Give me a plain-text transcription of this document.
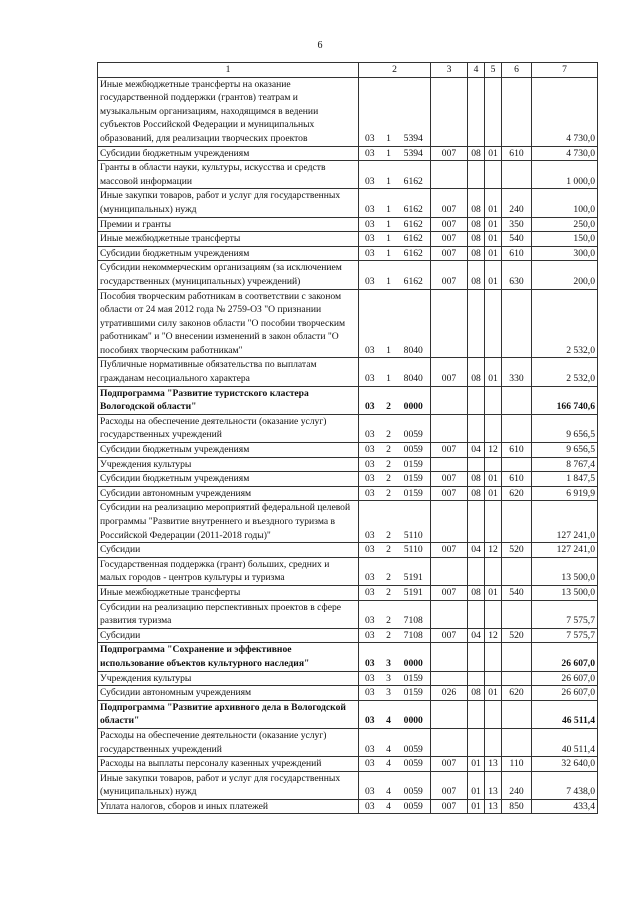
6
1	2			3	4	5	6	7
Иные межбюджетные трансферты на оказание государственной поддержки (грантов) театрам и музыкальным организациям, находящимся в ведении субъектов Российской Федерации и муниципальных образований, для реализации творческих проектов	03	1	5394					4 730,0
Субсидии бюджетным учреждениям	03	1	5394	007	08	01	610	4 730,0
Гранты в области науки, культуры, искусства и средств массовой информации	03	1	6162					1 000,0
Иные закупки товаров, работ и услуг для государственных (муниципальных) нужд	03	1	6162	007	08	01	240	100,0
Премии и гранты	03	1	6162	007	08	01	350	250,0
Иные межбюджетные трансферты	03	1	6162	007	08	01	540	150,0
Субсидии бюджетным учреждениям	03	1	6162	007	08	01	610	300,0
Субсидии некоммерческим организациям (за исключением государственных (муниципальных) учреждений)	03	1	6162	007	08	01	630	200,0
Пособия творческим работникам в соответствии с законом области от 24 мая 2012 года № 2759-ОЗ "О признании утратившими силу законов области "О пособии творческим работникам" и "О внесении изменений в закон области "О пособиях творческим работникам"	03	1	8040					2 532,0
Публичные нормативные обязательства по выплатам гражданам несоциального характера	03	1	8040	007	08	01	330	2 532,0
Подпрограмма "Развитие туристского кластера Вологодской области"	03	2	0000					166 740,6
Расходы на обеспечение деятельности (оказание услуг) государственных учреждений	03	2	0059					9 656,5
Субсидии бюджетным учреждениям	03	2	0059	007	04	12	610	9 656,5
Учреждения культуры	03	2	0159					8 767,4
Субсидии бюджетным учреждениям	03	2	0159	007	08	01	610	1 847,5
Субсидии автономным учреждениям	03	2	0159	007	08	01	620	6 919,9
Субсидии на реализацию мероприятий федеральной целевой программы "Развитие внутреннего и въездного туризма в Российской Федерации (2011-2018 годы)"	03	2	5110					127 241,0
Субсидии	03	2	5110	007	04	12	520	127 241,0
Государственная поддержка (грант) больших, средних и малых городов - центров культуры и туризма	03	2	5191					13 500,0
Иные межбюджетные трансферты	03	2	5191	007	08	01	540	13 500,0
Субсидии на реализацию перспективных проектов в сфере развития туризма	03	2	7108					7 575,7
Субсидии	03	2	7108	007	04	12	520	7 575,7
Подпрограмма "Сохранение и эффективное использование объектов культурного наследия"	03	3	0000					26 607,0
Учреждения культуры	03	3	0159					26 607,0
Субсидии автономным учреждениям	03	3	0159	026	08	01	620	26 607,0
Подпрограмма "Развитие архивного дела в Вологодской области"	03	4	0000					46 511,4
Расходы на обеспечение деятельности (оказание услуг) государственных учреждений	03	4	0059					40 511,4
Расходы на выплаты персоналу казенных учреждений	03	4	0059	007	01	13	110	32 640,0
Иные закупки товаров, работ и услуг для государственных (муниципальных) нужд	03	4	0059	007	01	13	240	7 438,0
Уплата налогов, сборов и иных платежей	03	4	0059	007	01	13	850	433,4
